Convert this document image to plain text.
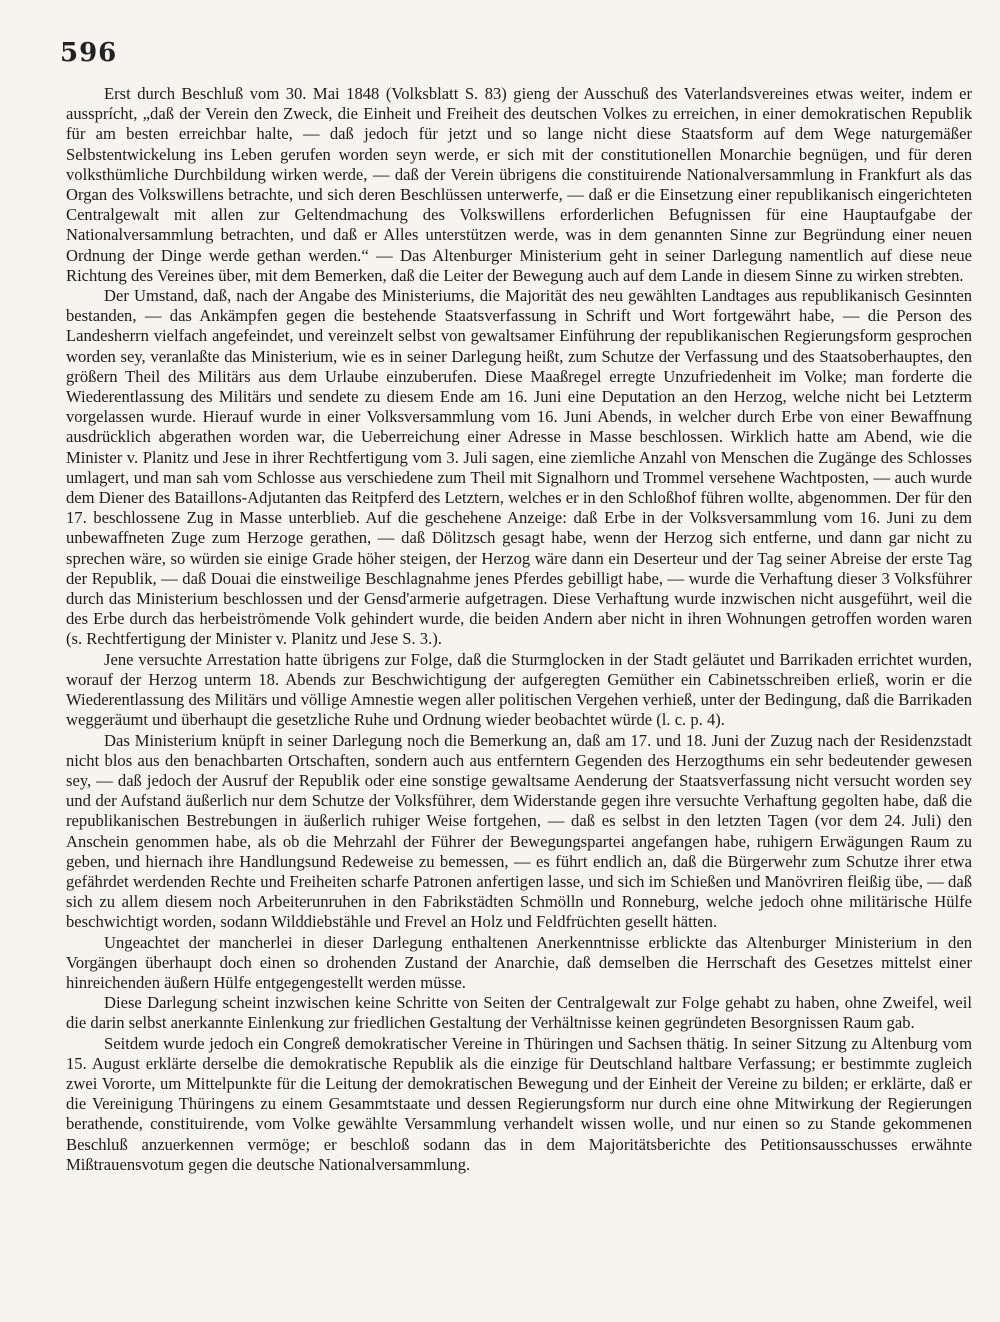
596

Erst durch Beschluß vom 30. Mai 1848 (Volksblatt S. 83) gieng der Ausschuß des Vaterlandsvereines etwas weiter, indem er aussprícht, „daß der Verein den Zweck, die Einheit und Freiheit des deutschen Volkes zu erreichen, in einer demokratischen Republik für am besten erreichbar halte, — daß jedoch für jetzt und so lange nicht diese Staatsform auf dem Wege naturgemäßer Selbstentwickelung ins Leben gerufen worden seyn werde, er sich mit der constitutionellen Monarchie begnügen, und für deren volksthümliche Durchbildung wirken werde, — daß der Verein übrigens die constituirende Nationalversammlung in Frankfurt als das Organ des Volkswillens betrachte, und sich deren Beschlüssen unterwerfe, — daß er die Einsetzung einer republikanisch eingerichteten Centralgewalt mit allen zur Geltendmachung des Volkswillens erforderlichen Befugnissen für eine Hauptaufgabe der Nationalversammlung betrachten, und daß er Alles unterstützen werde, was in dem genannten Sinne zur Begründung einer neuen Ordnung der Dinge werde gethan werden.“ — Das Altenburger Ministerium geht in seiner Darlegung namentlich auf diese neue Richtung des Vereines über, mit dem Bemerken, daß die Leiter der Bewegung auch auf dem Lande in diesem Sinne zu wirken strebten.

Der Umstand, daß, nach der Angabe des Ministeriums, die Majorität des neu gewählten Landtages aus republikanisch Gesinnten bestanden, — das Ankämpfen gegen die bestehende Staatsverfassung in Schrift und Wort fortgewährt habe, — die Person des Landesherrn vielfach angefeindet, und vereinzelt selbst von gewaltsamer Einführung der republikanischen Regierungsform gesprochen worden sey, veranlaßte das Ministerium, wie es in seiner Darlegung heißt, zum Schutze der Verfassung und des Staatsoberhauptes, den größern Theil des Militärs aus dem Urlaube einzuberufen. Diese Maaßregel erregte Unzufriedenheit im Volke; man forderte die Wiederentlassung des Militärs und sendete zu diesem Ende am 16. Juni eine Deputation an den Herzog, welche nicht bei Letzterm vorgelassen wurde. Hierauf wurde in einer Volksversammlung vom 16. Juni Abends, in welcher durch Erbe von einer Bewaffnung ausdrücklich abgerathen worden war, die Ueberreichung einer Adresse in Masse beschlossen. Wirklich hatte am Abend, wie die Minister v. Planitz und Jese in ihrer Rechtfertigung vom 3. Juli sagen, eine ziemliche Anzahl von Menschen die Zugänge des Schlosses umlagert, und man sah vom Schlosse aus verschiedene zum Theil mit Signalhorn und Trommel versehene Wachtposten, — auch wurde dem Diener des Bataillons-Adjutanten das Reitpferd des Letztern, welches er in den Schloßhof führen wollte, abgenommen. Der für den 17. beschlossene Zug in Masse unterblieb. Auf die geschehene Anzeige: daß Erbe in der Volksversammlung vom 16. Juni zu dem unbewaffneten Zuge zum Herzoge gerathen, — daß Dölitzsch gesagt habe, wenn der Herzog sich entferne, und dann gar nicht zu sprechen wäre, so würden sie einige Grade höher steigen, der Herzog wäre dann ein Deserteur und der Tag seiner Abreise der erste Tag der Republik, — daß Douai die einstweilige Beschlagnahme jenes Pferdes gebilligt habe, — wurde die Verhaftung dieser 3 Volksführer durch das Ministerium beschlossen und der Gensd'armerie aufgetragen. Diese Verhaftung wurde inzwischen nicht ausgeführt, weil die des Erbe durch das herbeiströmende Volk gehindert wurde, die beiden Andern aber nicht in ihren Wohnungen getroffen worden waren (s. Rechtfertigung der Minister v. Planitz und Jese S. 3.).

Jene versuchte Arrestation hatte übrigens zur Folge, daß die Sturmglocken in der Stadt geläutet und Barrikaden errichtet wurden, worauf der Herzog unterm 18. Abends zur Beschwichtigung der aufgeregten Gemüther ein Cabinetsschreiben erließ, worin er die Wiederentlassung des Militärs und völlige Amnestie wegen aller politischen Vergehen verhieß, unter der Bedingung, daß die Barrikaden weggeräumt und überhaupt die gesetzliche Ruhe und Ordnung wieder beobachtet würde (l. c. p. 4).

Das Ministerium knüpft in seiner Darlegung noch die Bemerkung an, daß am 17. und 18. Juni der Zuzug nach der Residenzstadt nicht blos aus den benachbarten Ortschaften, sondern auch aus entferntern Gegenden des Herzogthums ein sehr bedeutender gewesen sey, — daß jedoch der Ausruf der Republik oder eine sonstige gewaltsame Aenderung der Staatsverfassung nicht versucht worden sey und der Aufstand äußerlich nur dem Schutze der Volksführer, dem Widerstande gegen ihre versuchte Verhaftung gegolten habe, daß die republikanischen Bestrebungen in äußerlich ruhiger Weise fortgehen, — daß es selbst in den letzten Tagen (vor dem 24. Juli) den Anschein genommen habe, als ob die Mehrzahl der Führer der Bewegungspartei angefangen habe, ruhigern Erwägungen Raum zu geben, und hiernach ihre Handlungsund Redeweise zu bemessen, — es führt endlich an, daß die Bürgerwehr zum Schutze ihrer etwa gefährdet werdenden Rechte und Freiheiten scharfe Patronen anfertigen lasse, und sich im Schießen und Manövriren fleißig übe, — daß sich zu allem diesem noch Arbeiterunruhen in den Fabrikstädten Schmölln und Ronneburg, welche jedoch ohne militärische Hülfe beschwichtigt worden, sodann Wilddiebstähle und Frevel an Holz und Feldfrüchten gesellt hätten.

Ungeachtet der mancherlei in dieser Darlegung enthaltenen Anerkenntnisse erblickte das Altenburger Ministerium in den Vorgängen überhaupt doch einen so drohenden Zustand der Anarchie, daß demselben die Herrschaft des Gesetzes mittelst einer hinreichenden äußern Hülfe entgegengestellt werden müsse.

Diese Darlegung scheint inzwischen keine Schritte von Seiten der Centralgewalt zur Folge gehabt zu haben, ohne Zweifel, weil die darin selbst anerkannte Einlenkung zur friedlichen Gestaltung der Verhältnisse keinen gegründeten Besorgnissen Raum gab.

Seitdem wurde jedoch ein Congreß demokratischer Vereine in Thüringen und Sachsen thätig. In seiner Sitzung zu Altenburg vom 15. August erklärte derselbe die demokratische Republik als die einzige für Deutschland haltbare Verfassung; er bestimmte zugleich zwei Vororte, um Mittelpunkte für die Leitung der demokratischen Bewegung und der Einheit der Vereine zu bilden; er erklärte, daß er die Vereinigung Thüringens zu einem Gesammtstaate und dessen Regierungsform nur durch eine ohne Mitwirkung der Regierungen berathende, constituirende, vom Volke gewählte Versammlung verhandelt wissen wolle, und nur einen so zu Stande gekommenen Beschluß anzuerkennen vermöge; er beschloß sodann das in dem Majoritätsberichte des Petitionsausschusses erwähnte Mißtrauensvotum gegen die deutsche Nationalversammlung.
